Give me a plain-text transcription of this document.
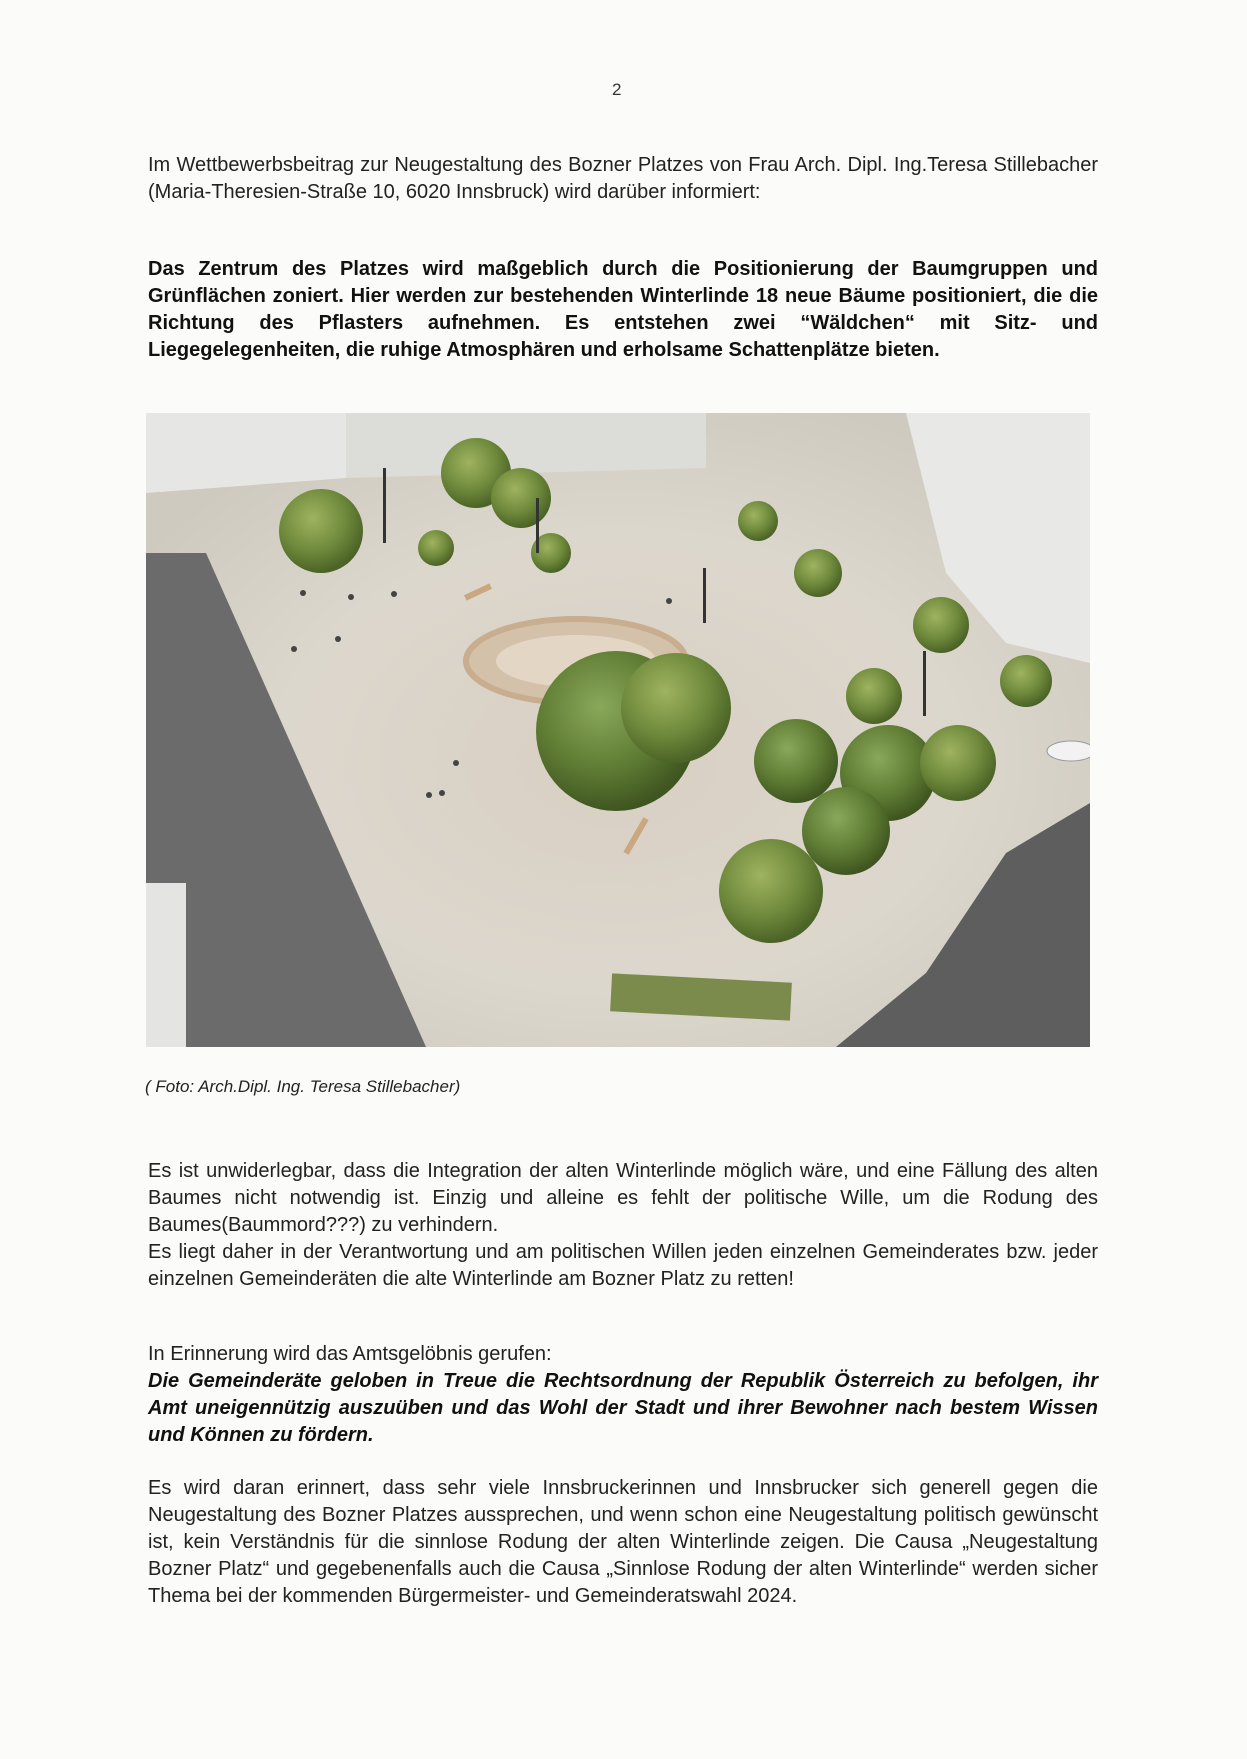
2

Im Wettbewerbsbeitrag zur Neugestaltung des Bozner Platzes von Frau Arch. Dipl. Ing.Teresa Stillebacher (Maria-Theresien-Straße 10, 6020 Innsbruck) wird darüber informiert:

Das Zentrum des Platzes wird maßgeblich durch die Positionierung der Baumgruppen und Grünflächen zoniert. Hier werden zur bestehenden Winterlinde 18 neue Bäume positioniert, die die Richtung des Pflasters aufnehmen. Es entstehen zwei “Wäldchen“ mit Sitz- und Liegegelegenheiten, die ruhige Atmosphären und erholsame Schattenplätze bieten.

( Foto: Arch.Dipl. Ing. Teresa Stillebacher)
Es ist unwiderlegbar, dass die Integration der alten Winterlinde möglich wäre, und eine Fällung des alten Baumes nicht notwendig ist. Einzig und alleine es fehlt der politische Wille, um die Rodung des Baumes(Baummord???) zu verhindern.
Es liegt daher in der Verantwortung und am politischen Willen jeden einzelnen Gemeinderates bzw. jeder einzelnen Gemeinderäten die alte Winterlinde am Bozner Platz zu retten!

In Erinnerung wird das Amtsgelöbnis gerufen:

Die Gemeinderäte geloben in Treue die Rechtsordnung der Republik Österreich zu befolgen, ihr Amt uneigennützig auszuüben und das Wohl der Stadt und ihrer Bewohner nach bestem Wissen und Können zu fördern.

Es wird daran erinnert, dass sehr viele Innsbruckerinnen und Innsbrucker sich generell gegen die Neugestaltung des Bozner Platzes aussprechen, und wenn schon eine Neugestaltung politisch gewünscht ist, kein Verständnis für die sinnlose Rodung der alten Winterlinde zeigen. Die Causa „Neugestaltung Bozner Platz“ und gegebenenfalls auch die Causa „Sinnlose Rodung der alten Winterlinde“ werden sicher Thema bei der kommenden Bürgermeister- und Gemeinderatswahl 2024.
